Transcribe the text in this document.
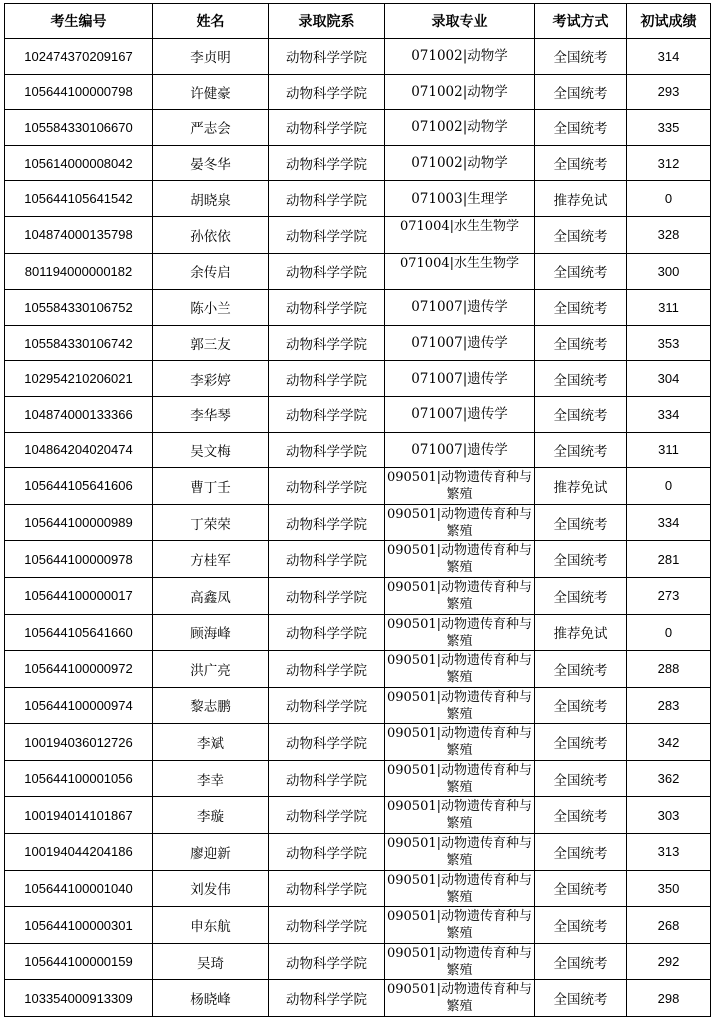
考生编号	姓名	录取院系	录取专业	考试方式	初试成绩
102474370209167	李贞明	动物科学学院	071002|动物学	全国统考	314
105644100000798	许健豪	动物科学学院	071002|动物学	全国统考	293
105584330106670	严志会	动物科学学院	071002|动物学	全国统考	335
105614000008042	晏冬华	动物科学学院	071002|动物学	全国统考	312
105644105641542	胡晓泉	动物科学学院	071003|生理学	推荐免试	0
104874000135798	孙依依	动物科学学院	071004|水生生物学	全国统考	328
801194000000182	余传启	动物科学学院	071004|水生生物学	全国统考	300
105584330106752	陈小兰	动物科学学院	071007|遗传学	全国统考	311
105584330106742	郭三友	动物科学学院	071007|遗传学	全国统考	353
102954210206021	李彩婷	动物科学学院	071007|遗传学	全国统考	304
104874000133366	李华琴	动物科学学院	071007|遗传学	全国统考	334
104864204020474	吴文梅	动物科学学院	071007|遗传学	全国统考	311
105644105641606	曹丁壬	动物科学学院	090501|动物遗传育种与繁殖	推荐免试	0
105644100000989	丁荣荣	动物科学学院	090501|动物遗传育种与繁殖	全国统考	334
105644100000978	方桂军	动物科学学院	090501|动物遗传育种与繁殖	全国统考	281
105644100000017	高鑫凤	动物科学学院	090501|动物遗传育种与繁殖	全国统考	273
105644105641660	顾海峰	动物科学学院	090501|动物遗传育种与繁殖	推荐免试	0
105644100000972	洪广亮	动物科学学院	090501|动物遗传育种与繁殖	全国统考	288
105644100000974	黎志鹏	动物科学学院	090501|动物遗传育种与繁殖	全国统考	283
100194036012726	李斌	动物科学学院	090501|动物遗传育种与繁殖	全国统考	342
105644100001056	李幸	动物科学学院	090501|动物遗传育种与繁殖	全国统考	362
100194014101867	李璇	动物科学学院	090501|动物遗传育种与繁殖	全国统考	303
100194044204186	廖迎新	动物科学学院	090501|动物遗传育种与繁殖	全国统考	313
105644100001040	刘发伟	动物科学学院	090501|动物遗传育种与繁殖	全国统考	350
105644100000301	申东航	动物科学学院	090501|动物遗传育种与繁殖	全国统考	268
105644100000159	吴琦	动物科学学院	090501|动物遗传育种与繁殖	全国统考	292
103354000913309	杨晓峰	动物科学学院	090501|动物遗传育种与繁殖	全国统考	298
